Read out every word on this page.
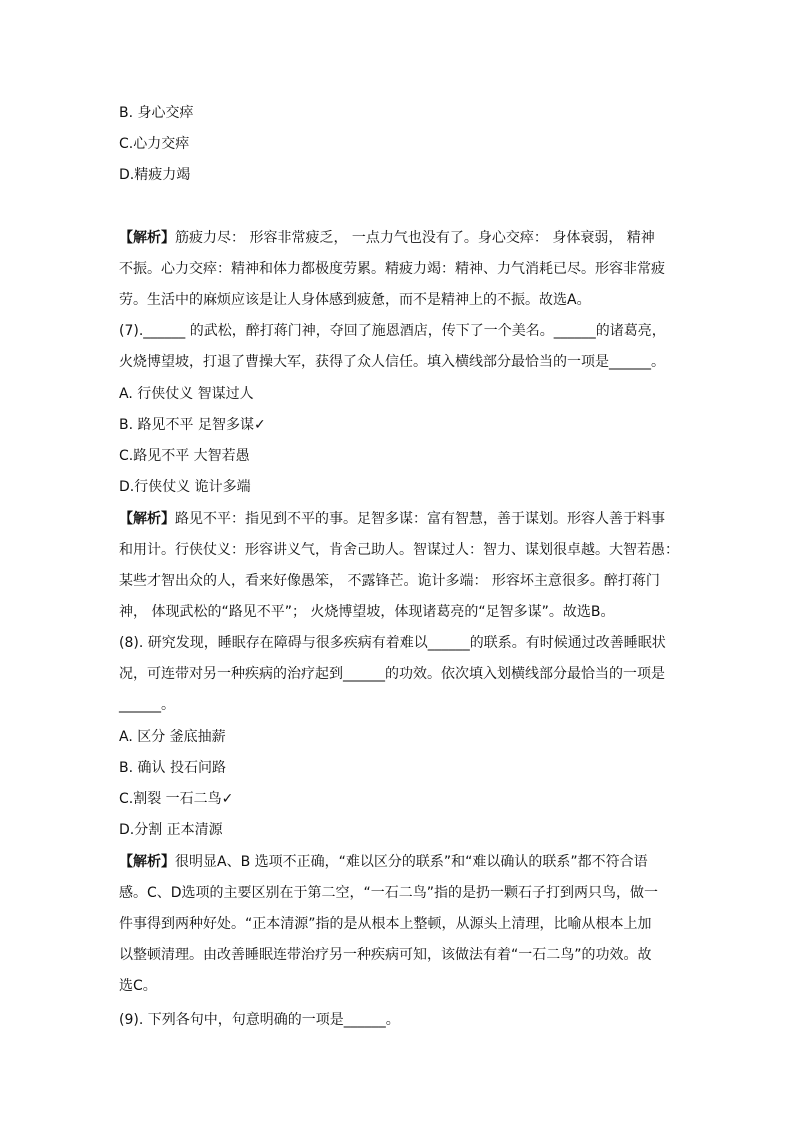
B. 身心交瘁
C.心力交瘁
D.精疲力竭
【解析】筋疲力尽： 形容非常疲乏， 一点力气也没有了。身心交瘁： 身体衰弱， 精神
不振。心力交瘁：精神和体力都极度劳累。精疲力竭：精神、力气消耗已尽。形容非常疲
劳。生活中的麻烦应该是让人身体感到疲惫，而不是精神上的不振。故选A。
(7).______ 的武松，醉打蒋门神，夺回了施恩酒店，传下了一个美名。______的诸葛亮，
火烧博望坡，打退了曹操大军，获得了众人信任。填入横线部分最恰当的一项是______。
A. 行侠仗义 智谋过人
B. 路见不平 足智多谋✓
C.路见不平 大智若愚
D.行侠仗义 诡计多端
【解析】路见不平：指见到不平的事。足智多谋：富有智慧，善于谋划。形容人善于料事
和用计。行侠仗义：形容讲义气，肯舍己助人。智谋过人：智力、谋划很卓越。大智若愚：
某些才智出众的人，看来好像愚笨， 不露锋芒。诡计多端： 形容坏主意很多。醉打蒋门
神， 体现武松的“路见不平”； 火烧博望坡，体现诸葛亮的“足智多谋”。故选B。
(8). 研究发现，睡眠存在障碍与很多疾病有着难以______的联系。有时候通过改善睡眠状
况，可连带对另一种疾病的治疗起到______的功效。依次填入划横线部分最恰当的一项是
______。
A. 区分 釜底抽薪
B. 确认 投石问路
C.割裂 一石二鸟✓
D.分割 正本清源
【解析】很明显A、B 选项不正确，“难以区分的联系”和“难以确认的联系”都不符合语
感。C、D选项的主要区别在于第二空，“一石二鸟”指的是扔一颗石子打到两只鸟，做一
件事得到两种好处。“正本清源”指的是从根本上整顿，从源头上清理，比喻从根本上加
以整顿清理。由改善睡眠连带治疗另一种疾病可知，该做法有着“一石二鸟”的功效。故
选C。
(9). 下列各句中，句意明确的一项是______。
